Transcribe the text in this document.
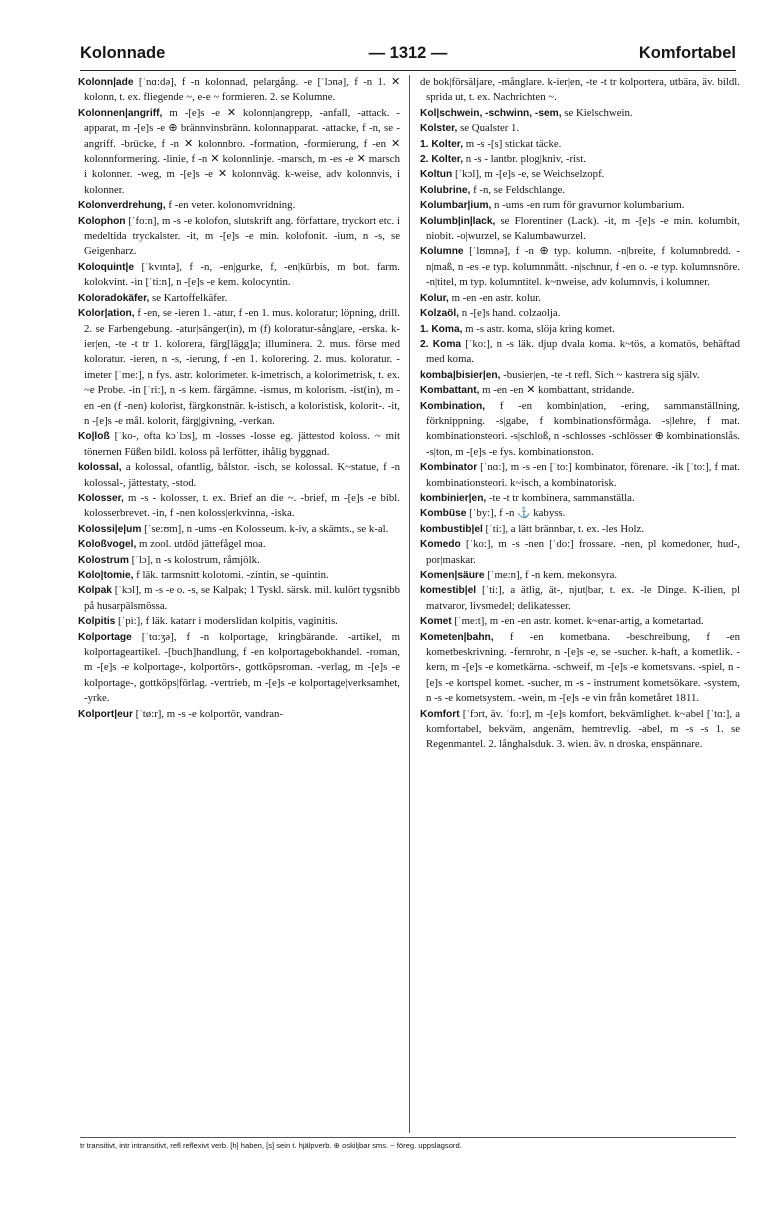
Kolonnade	— 1312 —	Komfortabel

Kolonn|ade [ˈnɑ:də], f -n kolonnad, pelargång. -e [ˈlɔnə], f -n 1. ✕ kolonn, t. ex. fliegende ~, e-e ~ formieren. 2. se Kolumne.

Kolonnen|angriff, m -[e]s -e ✕ kolonn|angrepp, -anfall, -attack. -apparat, m -[e]s -e ⊕ brännvinsbränn. kolonnapparat. -attacke, f -n, se -angriff. -brücke, f -n ✕ kolonnbro. -formation, -formierung, f -en ✕ kolonnformering. -linie, f -n ✕ kolonnlinje. -marsch, m -es -e ✕ marsch i kolonner. -weg, m -[e]s -e ✕ kolonnväg. k-weise, adv kolonnvis, i kolonner.

Kolonverdrehung, f -en veter. kolonomvridning.

Kolophon [ˈfo:n], m -s -e kolofon, slutskrift ang. författare, tryckort etc. i medeltida tryckalster. -it, m -[e]s -e min. kolofonit. -ium, n -s, se Geigenharz.

Koloquint|e [ˈkvɪntə], f -n, -en|gurke, f, -en|kürbis, m bot. farm. kolokvint. -in [ˈti:n], n -[e]s -e kem. kolocyntin.

Koloradokäfer, se Kartoffelkäfer.

Kolor|ation, f -en, se -ieren 1. -atur, f -en 1. mus. koloratur; löpning, drill. 2. se Farbengebung. -atur|sänger(in), m (f) koloratur-sång|are, -erska. k-ier|en, -te -t tr 1. kolorera, färg[lägg]a; illuminera. 2. mus. förse med koloratur. -ieren, n -s, -ierung, f -en 1. kolorering. 2. mus. koloratur. -imeter [ˈme:], n fys. astr. kolorimeter. k-imetrisch, a kolorimetrisk, t. ex. ~e Probe. -in [ˈri:], n -s kem. färgämne. -ismus, m kolorism. -ist(in), m -en -en (f -nen) kolorist, färgkonstnär. k-istisch, a koloristisk, kolorit-. -it, n -[e]s -e mål. kolorit, färg|givning, -verkan.

Ko|loß [ˈko-, ofta kɔˈlɔs], m -losses -losse eg. jättestod koloss. ~ mit tönernen Füßen bildl. koloss på lerfötter, ihålig byggnad.

kolossal, a kolossal, ofantlig, bålstor. -isch, se kolossal. K~statue, f -n kolossal-, jättestaty, -stod.

Kolosser, m -s - kolosser, t. ex. Brief an die ~. -brief, m -[e]s -e bibl. kolosserbrevet. -in, f -nen koloss|erkvinna, -iska.

Kolossi|e|um [ˈse:ʊm], n -ums -en Kolosseum. k-iv, a skämts., se k-al.

Koloßvogel, m zool. utdöd jättefågel moa.

Kolostrum [ˈlɔ], n -s kolostrum, råmjölk.

Kolo|tomie, f läk. tarmsnitt kolotomi. -zintin, se -quintin.

Kolpak [ˈkɔl], m -s -e o. -s, se Kalpak; 1 Tyskl. särsk. mil. kulört tygsnibb på husarpälsmössa.

Kolpitis [ˈpi:], f läk. katarr i moderslidan kolpitis, vaginitis.

Kolportage [ˈtɑ:ʒə], f -n kolportage, kringbärande. -artikel, m kolportageartikel. -[buch]handlung, f -en kolportagebokhandel. -roman, m -[e]s -e kolportage-, kolportörs-, gottköpsroman. -verlag, m -[e]s -e kolportage-, gottköps|förlag. -vertrieb, m -[e]s -e kolportage|verksamhet, -yrke.

Kolport|eur [ˈtø:r], m -s -e kolportör, vandran-

de bok|försäljare, -månglare. k-ier|en, -te -t tr kolportera, utbära, äv. bildl. sprida ut, t. ex. Nachrichten ~.

Kol|schwein, -schwinn, -sem, se Kielschwein.

Kolster, se Qualster 1.

1. Kolter, m -s -[s] stickat täcke.

2. Kolter, n -s - lantbr. plog|kniv, -rist.

Koltun [ˈkɔl], m -[e]s -e, se Weichselzopf.

Kolubrine, f -n, se Feldschlange.

Kolumbar|ium, n -ums -en rum för gravurnor kolumbarium.

Kolumb|in|lack, se Florentiner (Lack). -it, m -[e]s -e min. kolumbit, niobit. -o|wurzel, se Kalumbawurzel.

Kolumne [ˈlʊmnə], f -n ⊕ typ. kolumn. -n|breite, f kolumnbredd. -n|maß, n -es -e typ. kolumnmått. -n|schnur, f -en o. -e typ. kolumnsnöre. -n|titel, m typ. kolumntitel. k~nweise, adv kolumnvis, i kolumner.

Kolur, m -en -en astr. kolur.

Kolzaöl, n -[e]s hand. colzaolja.

1. Koma, m -s astr. koma, slöja kring komet.

2. Koma [ˈko:], n -s läk. djup dvala koma. k~tös, a komatös, behäftad med koma.

komba|bisier|en, -busier|en, -te -t refl. Sich ~ kastrera sig själv.

Kombattant, m -en -en ✕ kombattant, stridande.

Kombination, f -en kombin|ation, -ering, sammanställning, förknippning. -s|gabe, f kombinationsförmåga. -s|lehre, f mat. kombinationsteori. -s|schloß, n -schlosses -schlösser ⊕ kombinationslås. -s|ton, m -[e]s -e fys. kombinationston.

Kombinator [ˈnɑ:], m -s -en [ˈto:] kombinator, förenare. -ik [ˈto:], f mat. kombinationsteori. k~isch, a kombinatorisk.

kombinier|en, -te -t tr kombinera, sammanställa.

Kombüse [ˈby:], f -n ⚓ kabyss.

kombustib|el [ˈti:], a lätt brännbar, t. ex. -les Holz.

Komedo [ˈko:], m -s -nen [ˈdo:] frossare. -nen, pl komedoner, hud-, por|maskar.

Komen|säure [ˈme:n], f -n kem. mekonsyra.

komestib|el [ˈti:], a ätlig, ät-, njut|bar, t. ex. -le Dinge. K-ilien, pl matvaror, livsmedel; delikatesser.

Komet [ˈme:t], m -en -en astr. komet. k~enar-artig, a kometartad.

Kometen|bahn, f -en kometbana. -beschreibung, f -en kometbeskrivning. -fernrohr, n -[e]s -e, se -sucher. k-haft, a kometlik. -kern, m -[e]s -e kometkärna. -schweif, m -[e]s -e kometsvans. -spiel, n -[e]s -e kortspel komet. -sucher, m -s - instrument kometsökare. -system, n -s -e kometsystem. -wein, m -[e]s -e vin från kometåret 1811.

Komfort [ˈfɔrt, äv. ˈfo:r], m -[e]s komfort, bekvämlighet. k~abel [ˈtɑ:], a komfortabel, bekväm, angenäm, hemtrevlig. -abel, m -s -s 1. se Regenmantel. 2. långhalsduk. 3. wien. äv. n droska, enspännare.

tr transitivt, intr intransitivt, refl reflexivt verb. [h] haben, [s] sein t. hjälpverb. ⊕ oskiljbar sms. ~ föreg. uppslagsord.
